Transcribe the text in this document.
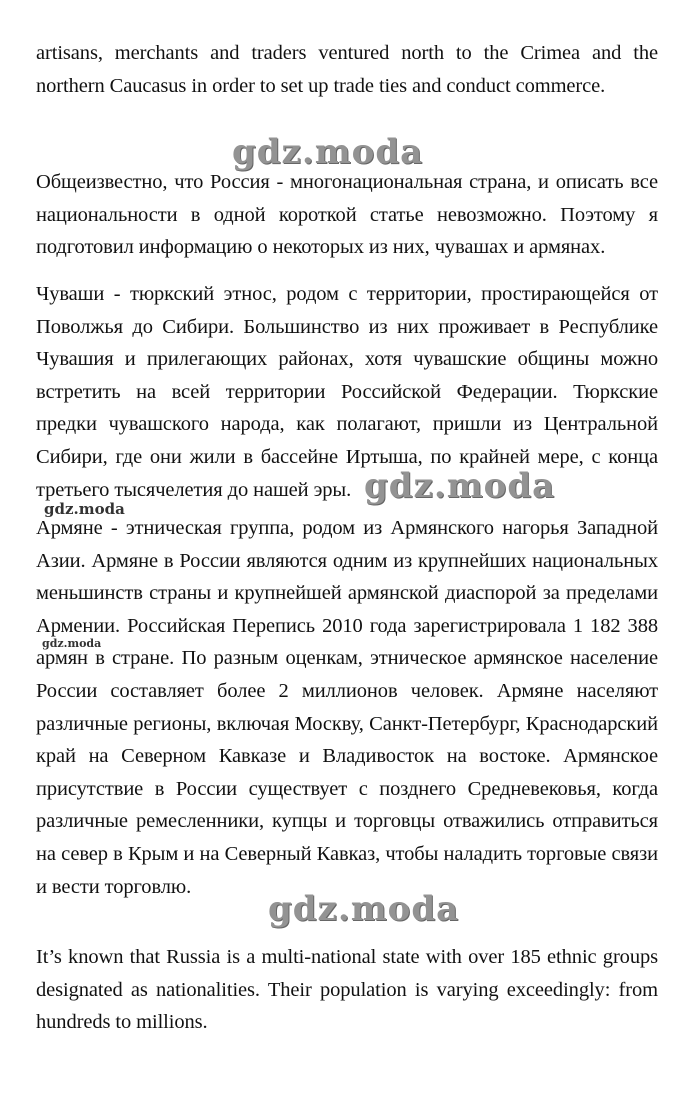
artisans, merchants and traders ventured north to the Crimea and the northern Caucasus in order to set up trade ties and conduct commerce.

gdz.moda

Общеизвестно, что Россия - многонациональная страна, и описать все национальности в одной короткой статье невозможно. Поэтому я подготовил информацию о некоторых из них, чувашах и армянах.

Чуваши - тюркский этнос, родом с территории, простирающейся от Поволжья до Сибири. Большинство из них проживает в Республике Чувашия и прилегающих районах, хотя чувашские общины можно встретить на всей территории Российской Федерации. Тюркские предки чувашского народа, как полагают, пришли из Центральной Сибири, где они жили в бассейне Иртыша, по крайней мере, с конца третьего тысячелетия до нашей эры. gdz.moda
gdz.moda

Армяне - этническая группа, родом из Армянского нагорья Западной Азии. Армяне в России являются одним из крупнейших национальных меньшинств страны и крупнейшей армянской диаспорой за пределами Армении. Российская Перепись 2010 года зарегистрировала 1 182 388 армян в стране. По разным оценкам, этническое армянское население России составляет более 2 миллионов человек. Армяне населяют различные регионы, включая Москву, Санкт-Петербург, Краснодарский край на Северном Кавказе и Владивосток на востоке. Армянское присутствие в России существует с позднего Средневековья, когда различные ремесленники, купцы и торговцы отважились отправиться на север в Крым и на Северный Кавказ, чтобы наладить торговые связи и вести торговлю.

gdz.moda
gdz.moda

It’s known that Russia is a multi-national state with over 185 ethnic groups designated as nationalities. Their population is varying exceedingly: from hundreds to millions.
